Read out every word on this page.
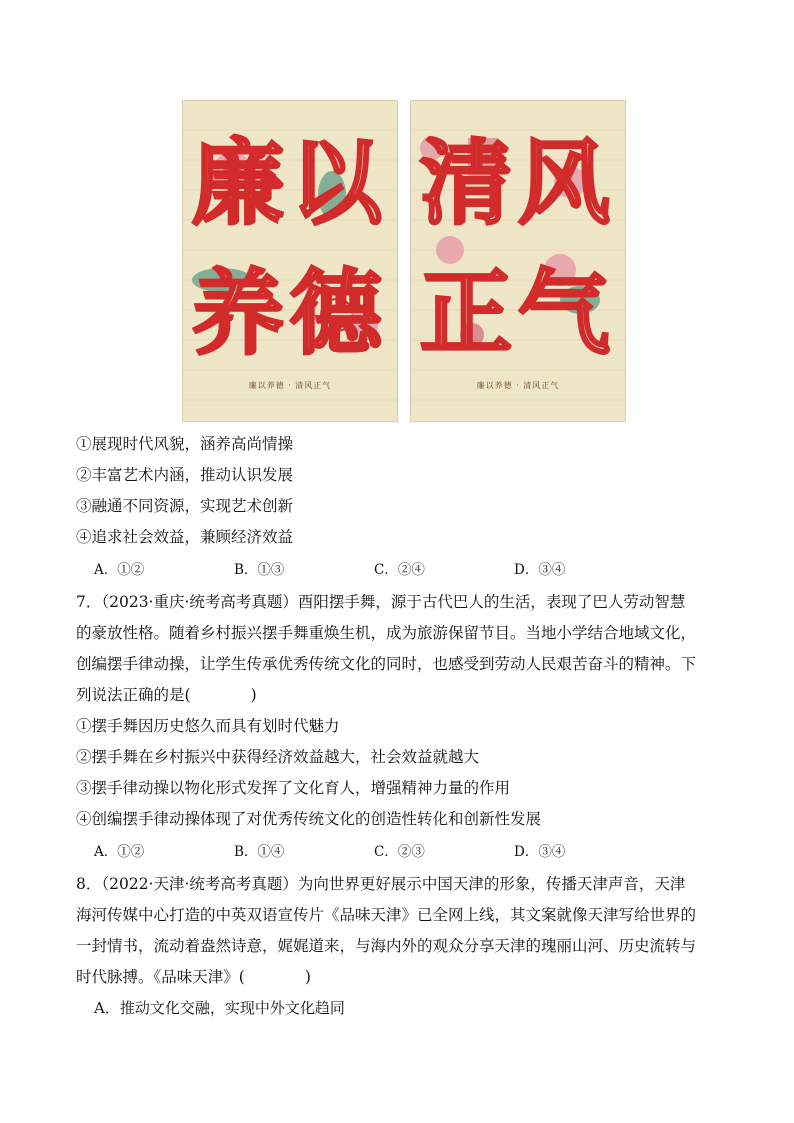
廉 以
养 德
廉以养德 · 清风正气
清 风
正 气
廉以养德 · 清风正气
①展现时代风貌，涵养高尚情操
②丰富艺术内涵，推动认识发展
③融通不同资源，实现艺术创新
④追求社会效益，兼顾经济效益
A．①②	B．①③	C．②④	D．③④
7．（2023·重庆·统考高考真题）酉阳摆手舞，源于古代巴人的生活，表现了巴人劳动智慧
的豪放性格。随着乡村振兴摆手舞重焕生机，成为旅游保留节目。当地小学结合地域文化，
创编摆手律动操，让学生传承优秀传统文化的同时，也感受到劳动人民艰苦奋斗的精神。下
列说法正确的是(	)
①摆手舞因历史悠久而具有划时代魅力
②摆手舞在乡村振兴中获得经济效益越大，社会效益就越大
③摆手律动操以物化形式发挥了文化育人，增强精神力量的作用
④创编摆手律动操体现了对优秀传统文化的创造性转化和创新性发展
A．①②	B．①④	C．②③	D．③④
8．（2022·天津·统考高考真题）为向世界更好展示中国天津的形象，传播天津声音，天津
海河传媒中心打造的中英双语宣传片《品味天津》已全网上线，其文案就像天津写给世界的
一封情书，流动着盎然诗意，娓娓道来，与海内外的观众分享天津的瑰丽山河、历史流转与
时代脉搏。《品味天津》(	)
A．推动文化交融，实现中外文化趋同
